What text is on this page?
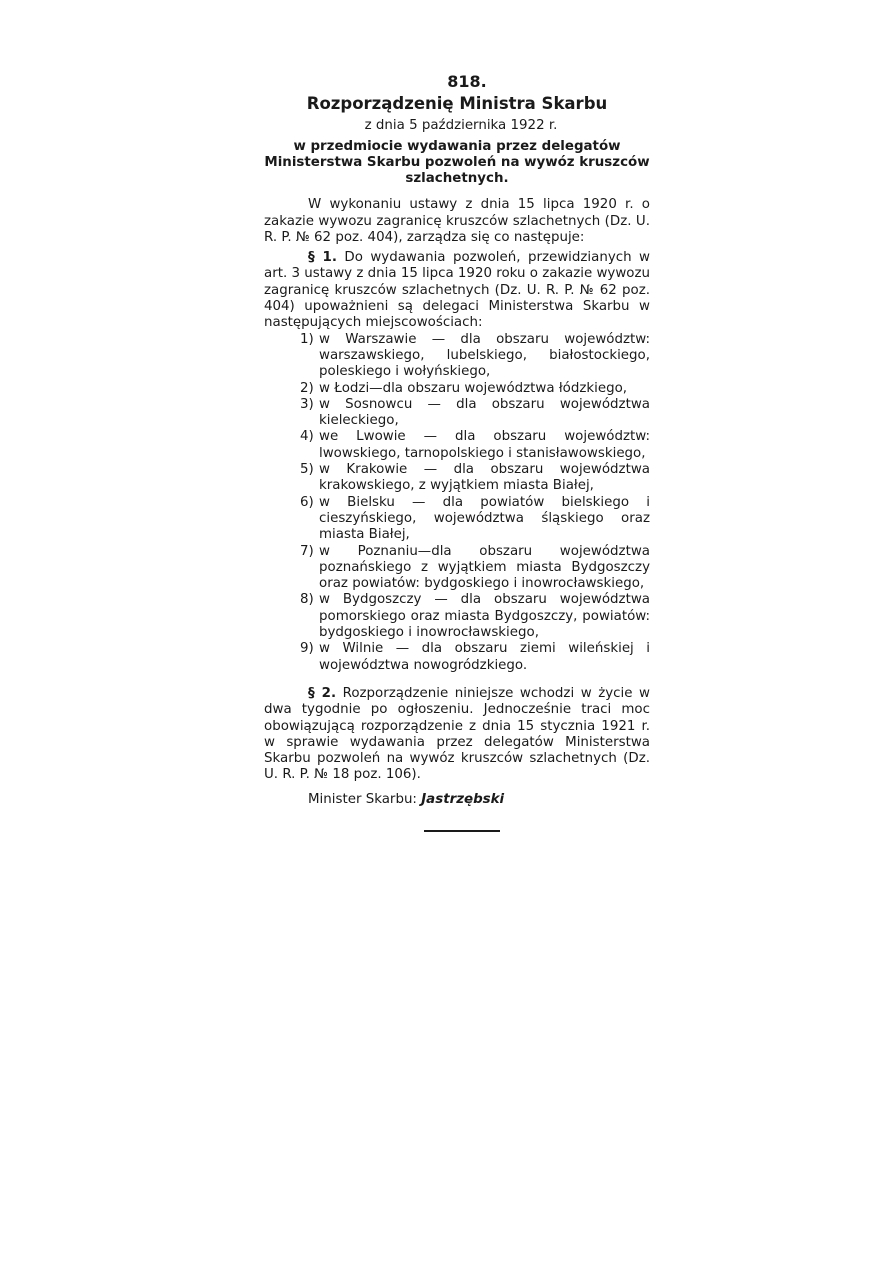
818.
Rozporządzenię Ministra Skarbu
z dnia 5 października 1922 r.
w przedmiocie wydawania przez delegatów Ministerstwa Skarbu pozwoleń na wywóz kruszców szlachetnych.

W wykonaniu ustawy z dnia 15 lipca 1920 r. o zakazie wywozu zagranicę kruszców szlachetnych (Dz. U. R. P. № 62 poz. 404), zarządza się co następuje:

§ 1. Do wydawania pozwoleń, przewidzianych w art. 3 ustawy z dnia 15 lipca 1920 roku o zakazie wywozu zagranicę kruszców szlachetnych (Dz. U. R. P. № 62 poz. 404) upoważnieni są delegaci Ministerstwa Skarbu w następujących miejscowościach:

1) w Warszawie — dla obszaru województw: warszawskiego, lubelskiego, białostockiego, poleskiego i wołyńskiego,
2) w Łodzi—dla obszaru województwa łódzkiego,
3) w Sosnowcu — dla obszaru województwa kieleckiego,
4) we Lwowie — dla obszaru województw: lwowskiego, tarnopolskiego i stanisławowskiego,
5) w Krakowie — dla obszaru województwa krakowskiego, z wyjątkiem miasta Białej,
6) w Bielsku — dla powiatów bielskiego i cieszyńskiego, województwa śląskiego oraz miasta Białej,
7) w Poznaniu—dla obszaru województwa poznańskiego z wyjątkiem miasta Bydgoszczy oraz powiatów: bydgoskiego i inowrocławskiego,
8) w Bydgoszczy — dla obszaru województwa pomorskiego oraz miasta Bydgoszczy, powiatów: bydgoskiego i inowrocławskiego,
9) w Wilnie — dla obszaru ziemi wileńskiej i województwa nowogródzkiego.

§ 2. Rozporządzenie niniejsze wchodzi w życie w dwa tygodnie po ogłoszeniu. Jednocześnie traci moc obowiązującą rozporządzenie z dnia 15 stycznia 1921 r. w sprawie wydawania przez delegatów Ministerstwa Skarbu pozwoleń na wywóz kruszców szlachetnych (Dz. U. R. P. № 18 poz. 106).

Minister Skarbu: Jastrzębski
